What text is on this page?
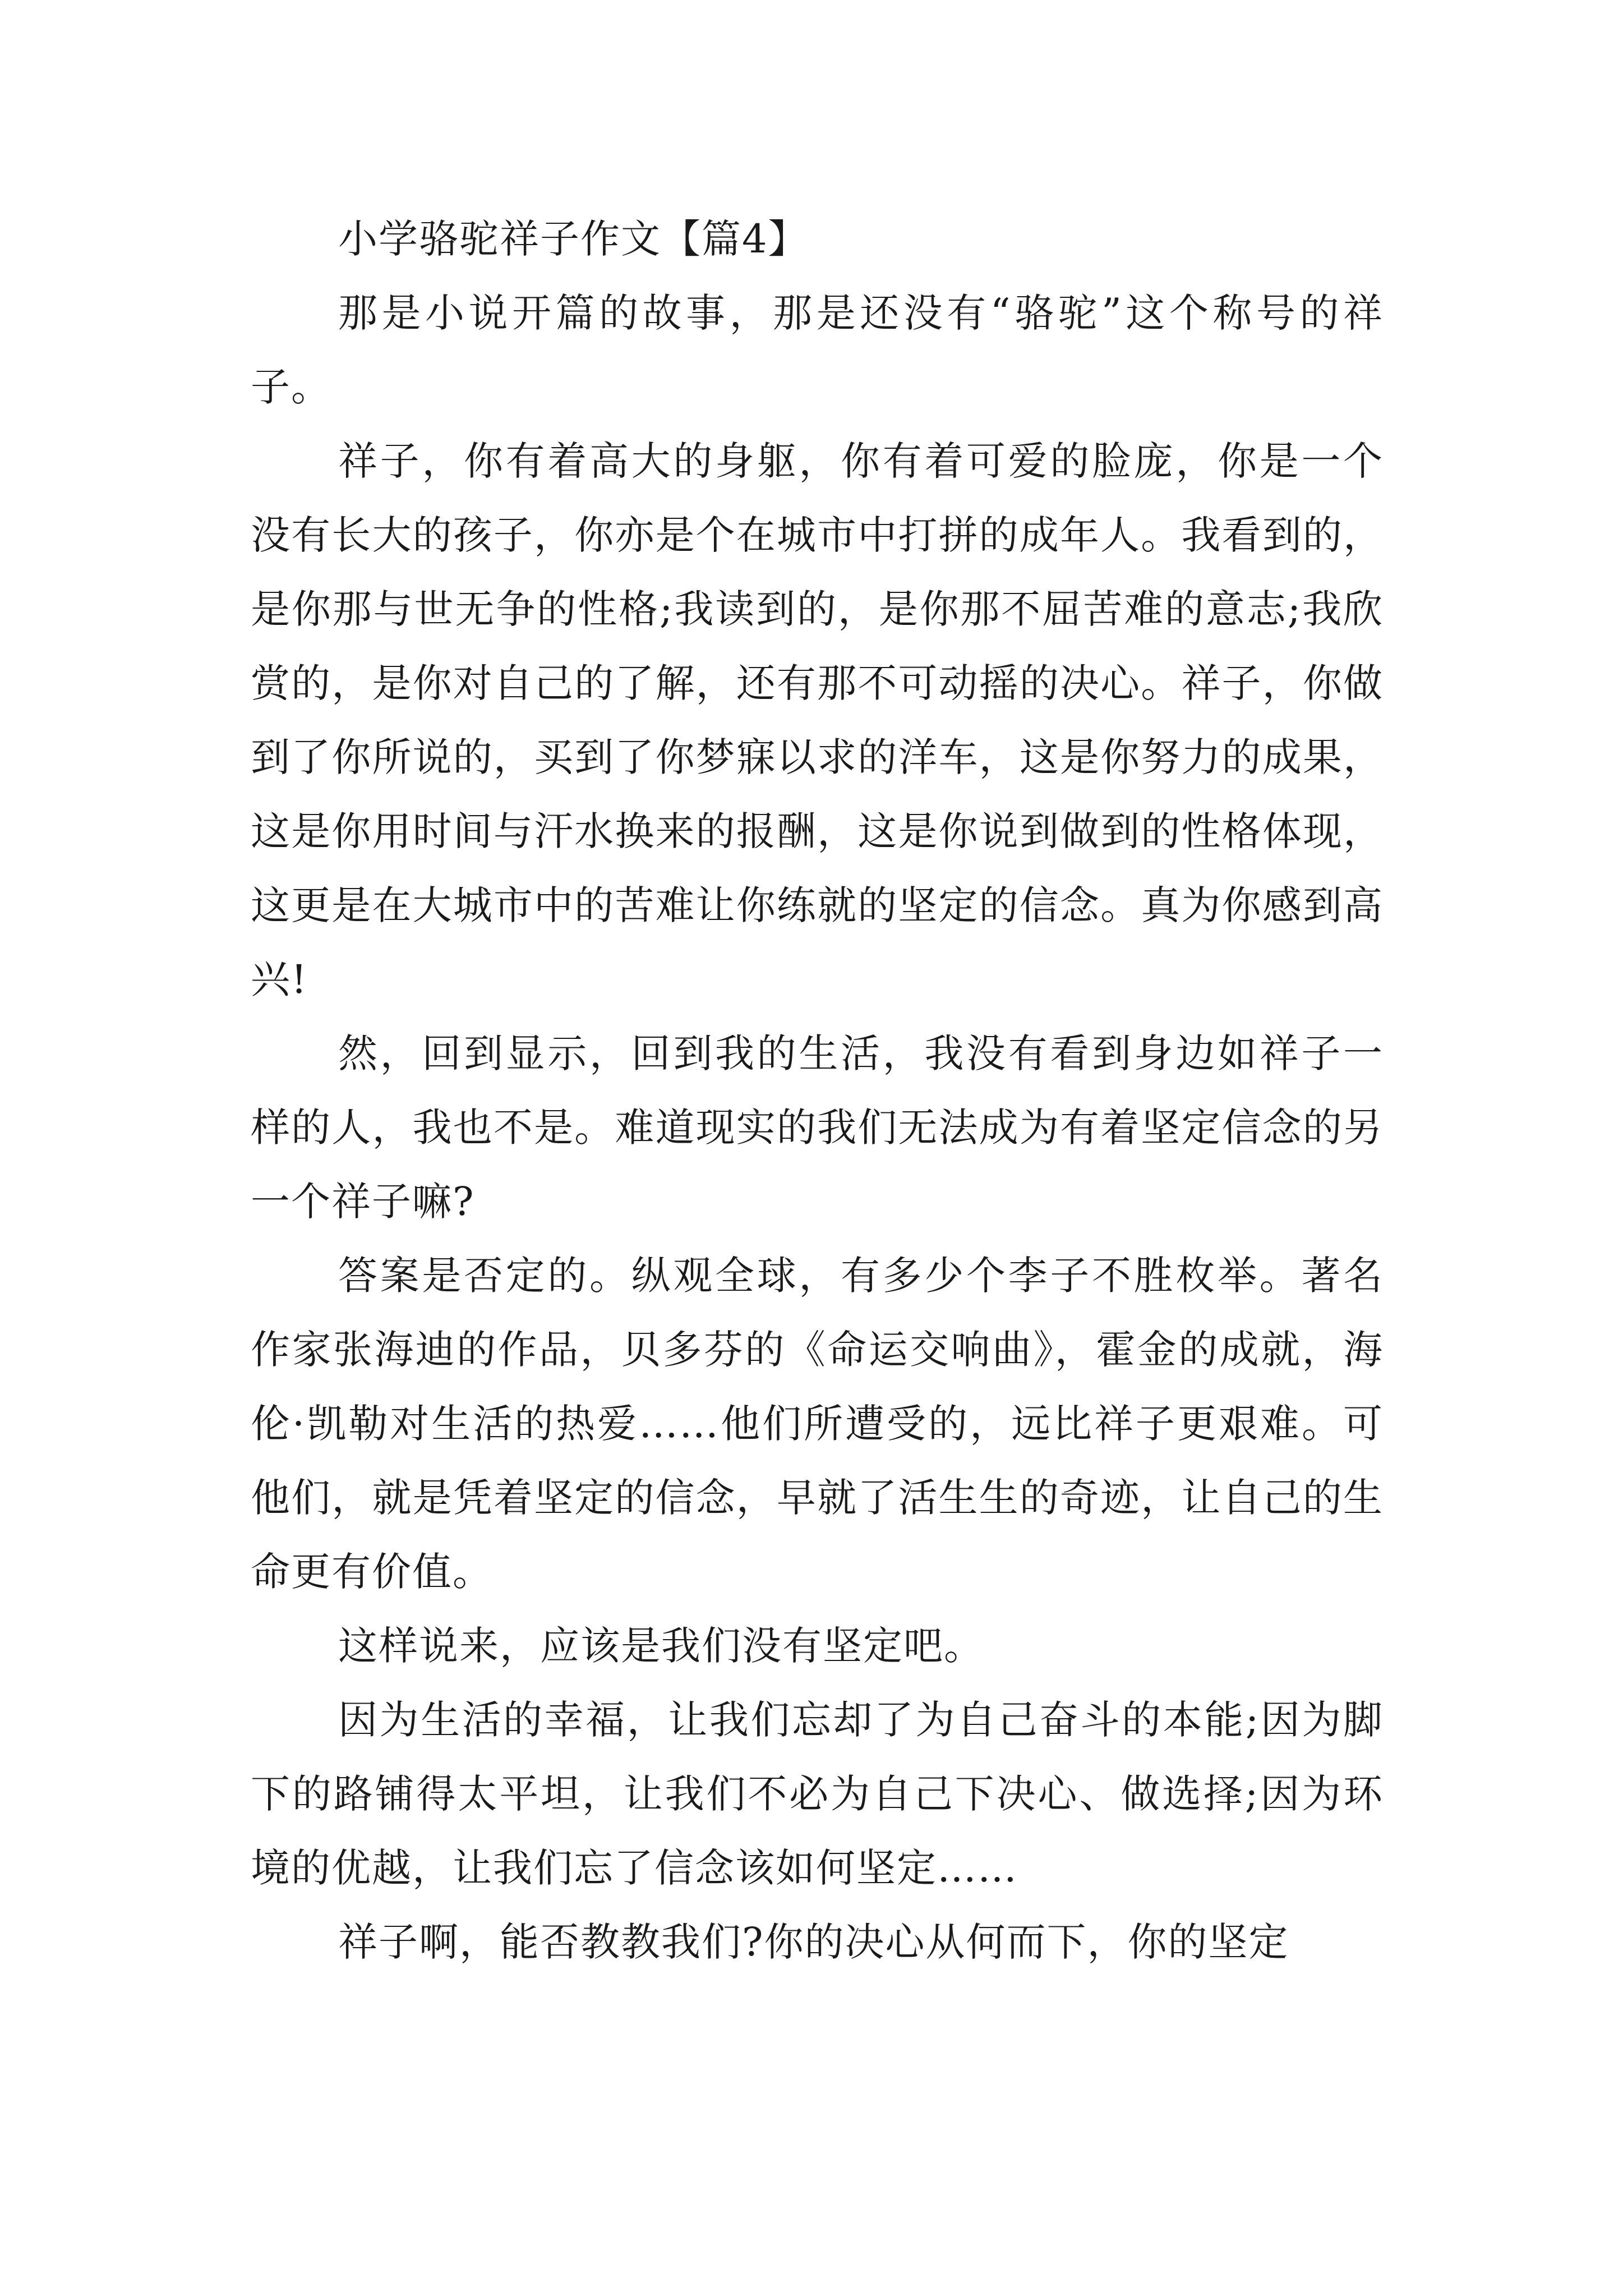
小学骆驼祥子作文【篇4】

那是小说开篇的故事，那是还没有“骆驼”这个称号的祥子。

祥子，你有着高大的身躯，你有着可爱的脸庞，你是一个没有长大的孩子，你亦是个在城市中打拼的成年人。我看到的，是你那与世无争的性格;我读到的，是你那不屈苦难的意志;我欣赏的，是你对自己的了解，还有那不可动摇的决心。祥子，你做到了你所说的，买到了你梦寐以求的洋车，这是你努力的成果，这是你用时间与汗水换来的报酬，这是你说到做到的性格体现，这更是在大城市中的苦难让你练就的坚定的信念。真为你感到高兴!

然，回到显示，回到我的生活，我没有看到身边如祥子一样的人，我也不是。难道现实的我们无法成为有着坚定信念的另一个祥子嘛?

答案是否定的。纵观全球，有多少个李子不胜枚举。著名作家张海迪的作品，贝多芬的《命运交响曲》，霍金的成就，海伦·凯勒对生活的热爱……他们所遭受的，远比祥子更艰难。可他们，就是凭着坚定的信念，早就了活生生的奇迹，让自己的生命更有价值。

这样说来，应该是我们没有坚定吧。

因为生活的幸福，让我们忘却了为自己奋斗的本能;因为脚下的路铺得太平坦，让我们不必为自己下决心、做选择;因为环境的优越，让我们忘了信念该如何坚定……

祥子啊，能否教教我们?你的决心从何而下，你的坚定
